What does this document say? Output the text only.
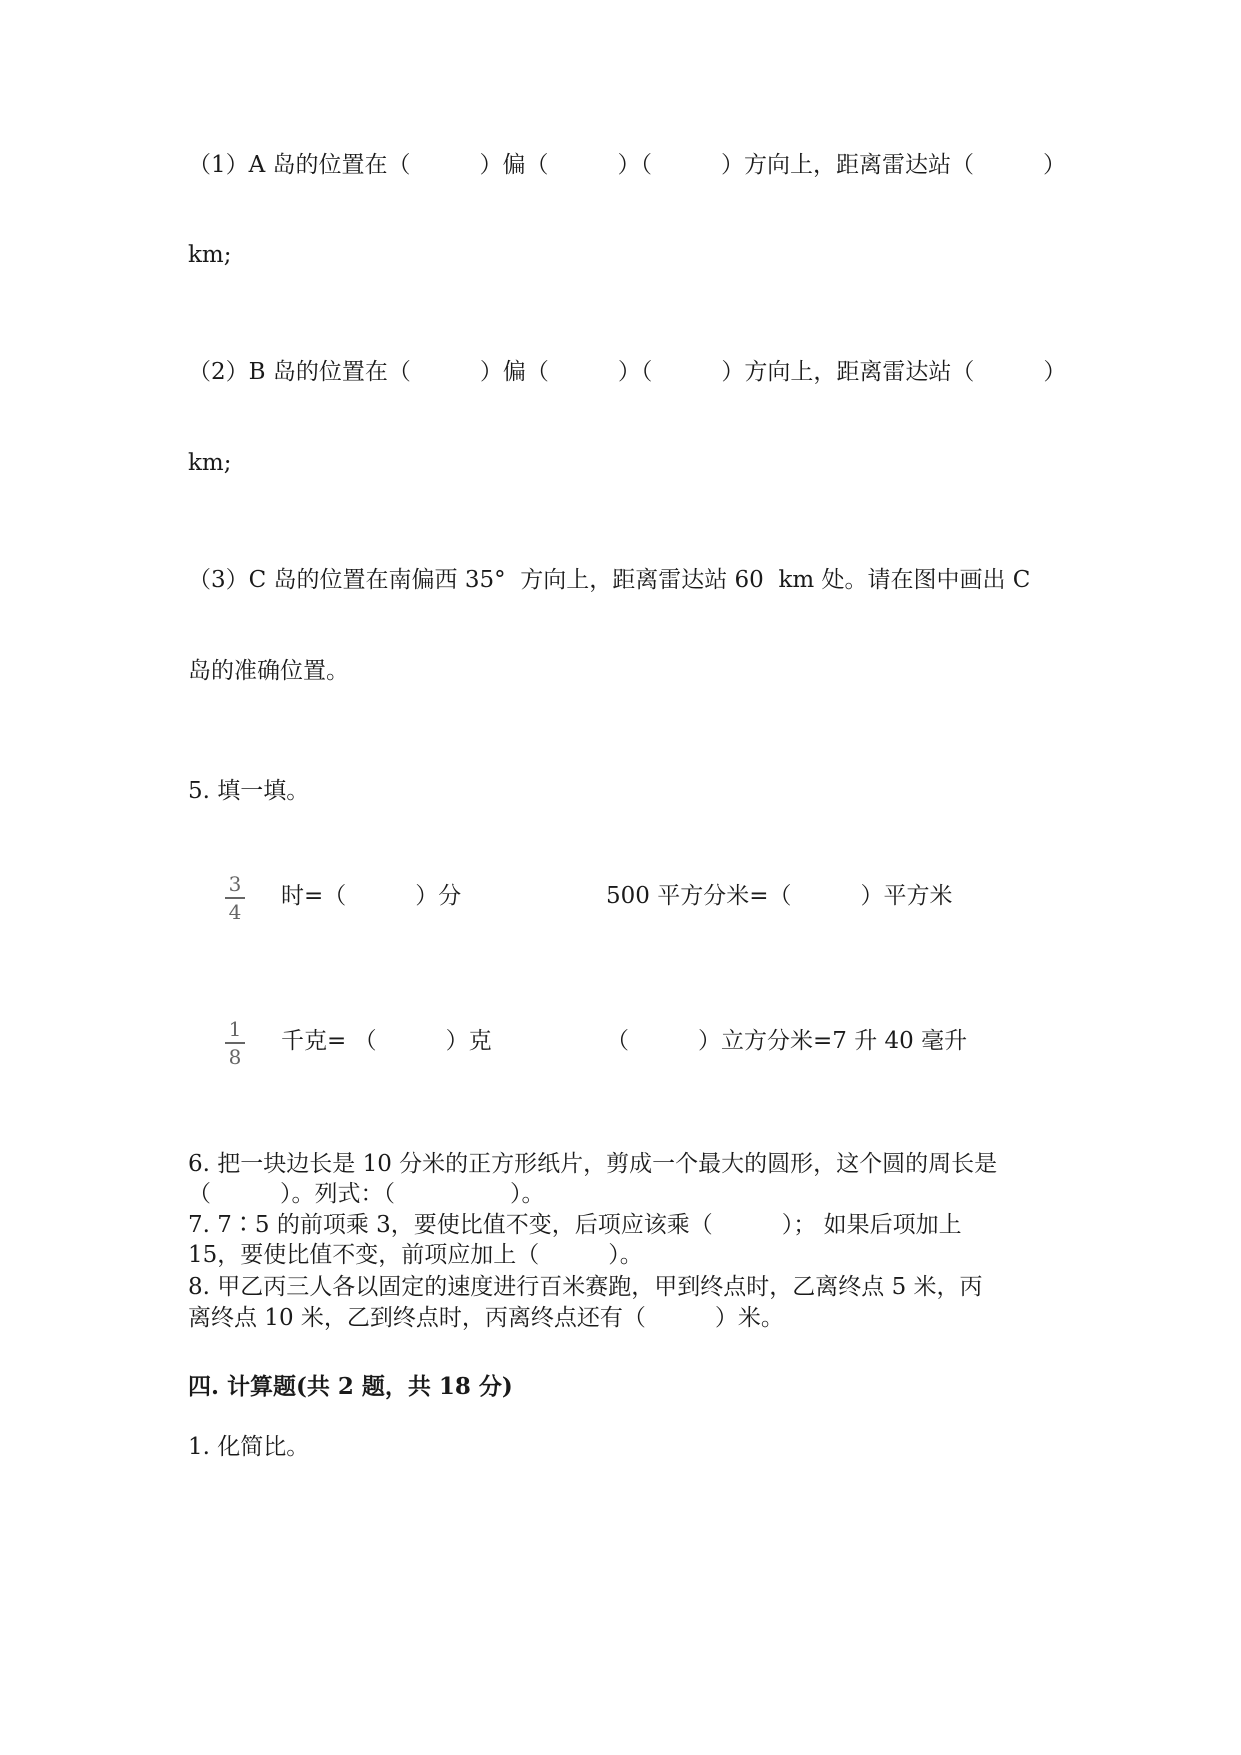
（1）A 岛的位置在（　　　）偏（　　　）（　　　）方向上，距离雷达站（　　　）
km;
（2）B 岛的位置在（　　　）偏（　　　）（　　　）方向上，距离雷达站（　　　）
km;
（3）C 岛的位置在南偏西 35°  方向上，距离雷达站 60  km 处。请在图中画出 C
岛的准确位置。
5. 填一填。
3
4
时=（　　　）分	500 平方分米=（　　　）平方米
1
8
千克= （　　　）克	（　　　）立方分米=7 升 40 毫升
6. 把一块边长是 10 分米的正方形纸片，剪成一个最大的圆形，这个圆的周长是
（　　　）。列式：（　　　　　）。
7. 7∶5 的前项乘 3，要使比值不变，后项应该乘（　　　）； 如果后项加上
15，要使比值不变，前项应加上（　　　）。
8. 甲乙丙三人各以固定的速度进行百米赛跑，甲到终点时，乙离终点 5 米，丙
离终点 10 米，乙到终点时，丙离终点还有（　　　）米。
四. 计算题(共 2 题，共 18 分)
1. 化简比。
